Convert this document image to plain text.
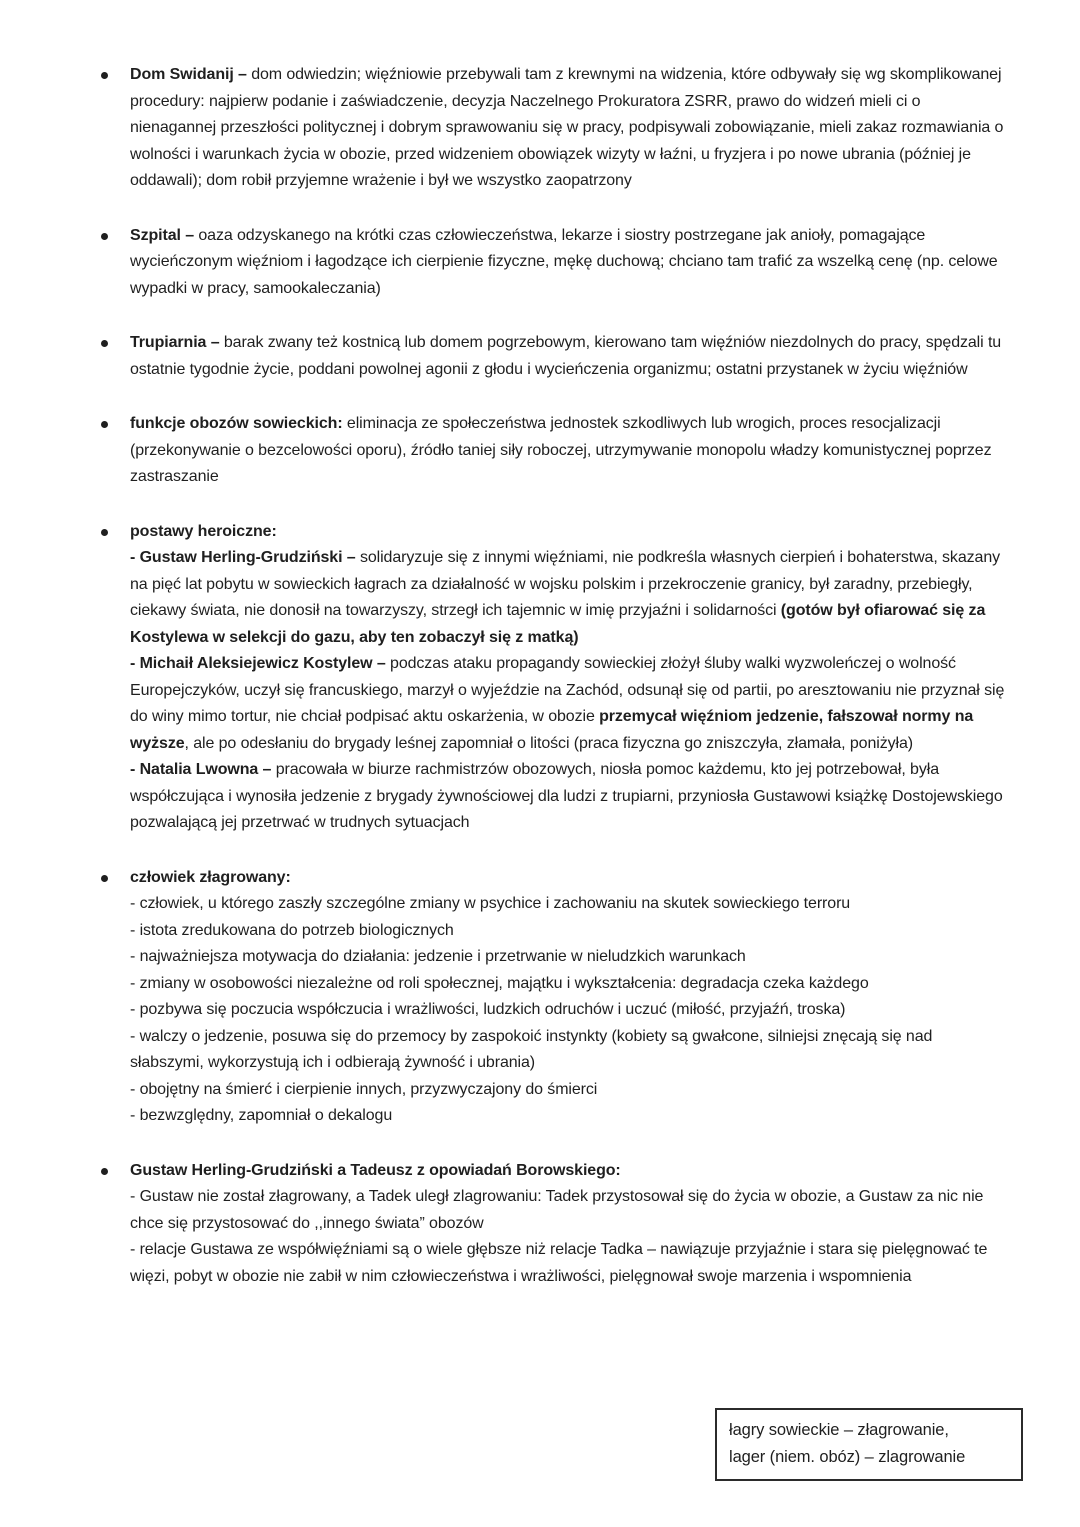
Dom Swidanij – dom odwiedzin; więźniowie przebywali tam z krewnymi na widzenia, które odbywały się wg skomplikowanej procedury: najpierw podanie i zaświadczenie, decyzja Naczelnego Prokuratora ZSRR, prawo do widzeń mieli ci o nienagannej przeszłości politycznej i dobrym sprawowaniu się w pracy, podpisywali zobowiązanie, mieli zakaz rozmawiania o wolności i warunkach życia w obozie, przed widzeniem obowiązek wizyty w łaźni, u fryzjera i po nowe ubrania (później je oddawali); dom robił przyjemne wrażenie i był we wszystko zaopatrzony

Szpital – oaza odzyskanego na krótki czas człowieczeństwa, lekarze i siostry postrzegane jak anioły, pomagające wycieńczonym więźniom i łagodzące ich cierpienie fizyczne, mękę duchową; chciano tam trafić za wszelką cenę (np. celowe wypadki w pracy, samookaleczania)

Trupiarnia – barak zwany też kostnicą lub domem pogrzebowym, kierowano tam więźniów niezdolnych do pracy, spędzali tu ostatnie tygodnie życie, poddani powolnej agonii z głodu i wycieńczenia organizmu; ostatni przystanek w życiu więźniów

funkcje obozów sowieckich: eliminacja ze społeczeństwa jednostek szkodliwych lub wrogich, proces resocjalizacji (przekonywanie o bezcelowości oporu), źródło taniej siły roboczej, utrzymywanie monopolu władzy komunistycznej poprzez zastraszanie

postawy heroiczne:

- Gustaw Herling-Grudziński – solidaryzuje się z innymi więźniami, nie podkreśla własnych cierpień i bohaterstwa, skazany na pięć lat pobytu w sowieckich łagrach za działalność w wojsku polskim i przekroczenie granicy, był zaradny, przebiegły, ciekawy świata, nie donosił na towarzyszy, strzegł ich tajemnic w imię przyjaźni i solidarności (gotów był ofiarować się za Kostylewa w selekcji do gazu, aby ten zobaczył się z matką)

- Michaił Aleksiejewicz Kostylew – podczas ataku propagandy sowieckiej złożył śluby walki wyzwoleńczej o wolność Europejczyków, uczył się francuskiego, marzył o wyjeździe na Zachód, odsunął się od partii, po aresztowaniu nie przyznał się do winy mimo tortur, nie chciał podpisać aktu oskarżenia, w obozie przemycał więźniom jedzenie, fałszował normy na wyższe, ale po odesłaniu do brygady leśnej zapomniał o litości (praca fizyczna go zniszczyła, złamała, poniżyła)

- Natalia Lwowna – pracowała w biurze rachmistrzów obozowych, niosła pomoc każdemu, kto jej potrzebował, była współczująca i wynosiła jedzenie z brygady żywnościowej dla ludzi z trupiarni, przyniosła Gustawowi książkę Dostojewskiego pozwalającą jej przetrwać w trudnych sytuacjach

człowiek złagrowany:

- człowiek, u którego zaszły szczególne zmiany w psychice i zachowaniu na skutek sowieckiego terroru

- istota zredukowana do potrzeb biologicznych

- najważniejsza motywacja do działania: jedzenie i przetrwanie w nieludzkich warunkach

- zmiany w osobowości niezależne od roli społecznej, majątku i wykształcenia: degradacja czeka każdego

- pozbywa się poczucia współczucia i wrażliwości, ludzkich odruchów i uczuć (miłość, przyjaźń, troska)

- walczy o jedzenie, posuwa się do przemocy by zaspokoić instynkty (kobiety są gwałcone, silniejsi znęcają się nad słabszymi, wykorzystują ich i odbierają żywność i ubrania)

- obojętny na śmierć i cierpienie innych, przyzwyczajony do śmierci

- bezwzględny, zapomniał o dekalogu

Gustaw Herling-Grudziński a Tadeusz z opowiadań Borowskiego:

- Gustaw nie został złagrowany, a Tadek uległ zlagrowaniu: Tadek przystosował się do życia w obozie, a Gustaw za nic nie chce się przystosować do ,,innego świata” obozów

- relacje Gustawa ze współwięźniami są o wiele głębsze niż relacje Tadka – nawiązuje przyjaźnie i stara się pielęgnować te więzi, pobyt w obozie nie zabił w nim człowieczeństwa i wrażliwości, pielęgnował swoje marzenia i wspomnienia

łagry sowieckie – złagrowanie,
lager (niem. obóz) – zlagrowanie
